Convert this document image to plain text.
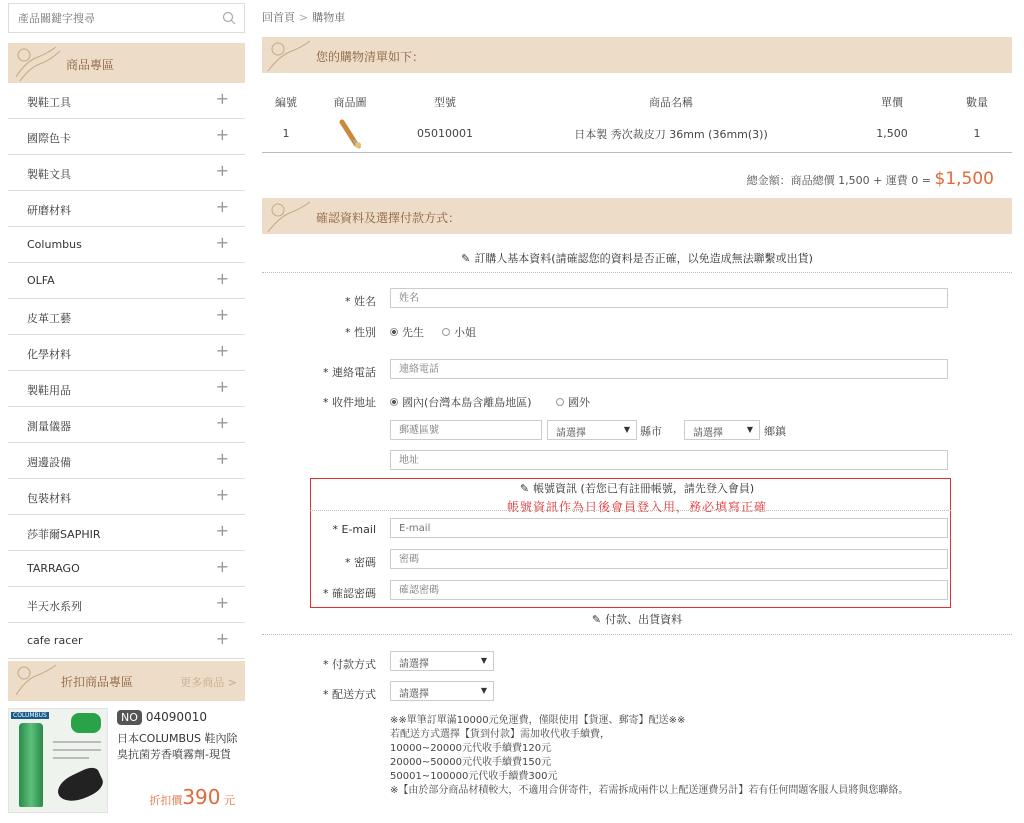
產品關鍵字搜尋
商品專區
製鞋工具	+
國際色卡	+
製鞋文具	+
研磨材料	+
Columbus	+
OLFA	+
皮革工藝	+
化學材料	+
製鞋用品	+
測量儀器	+
週邊設備	+
包裝材料	+
莎菲爾SAPHIR	+
TARRAGO	+
半天水系列	+
cafe racer	+
折扣商品專區	更多商品 >
COLUMBUS	NO 04090010
日本COLUMBUS 鞋內除臭抗菌芳香噴霧劑-現貨
折扣價390 元
回首頁 > 購物車
您的購物清單如下：
編號	商品圖	型號	商品名稱	單價	數量
1		05010001	日本製 秀次裁皮刀 36mm (36mm(3))	1,500	1
總金額：商品總價 1,500 + 運費 0 = $1,500
確認資料及選擇付款方式：
✎ 訂購人基本資料(請確認您的資料是否正確，以免造成無法聯繫或出貨)
* 姓名
姓名
* 性別	先生	小姐
* 連絡電話
連絡電話
* 收件地址	國內(台灣本島含離島地區)	國外
郵遞區號
請選擇	▼ 縣市	請選擇	▼ 鄉鎮
地址
✎ 帳號資訊 (若您已有註冊帳號，請先登入會員)
帳號資訊作為日後會員登入用，務必填寫正確
* E-mail
E-mail
* 密碼
密碼
* 確認密碼
確認密碼
✎ 付款、出貨資料
* 付款方式	請選擇	▼
* 配送方式	請選擇	▼
※※單筆訂單滿10000元免運費，僅限使用【貨運、郵寄】配送※※
若配送方式選擇【貨到付款】需加收代收手續費，
10000~20000元代收手續費120元
20000~50000元代收手續費150元
50001~100000元代收手續費300元
※【由於部分商品材積較大，不適用合併寄件，若需拆成兩件以上配送運費另計】若有任何問題客服人員將與您聯絡。
